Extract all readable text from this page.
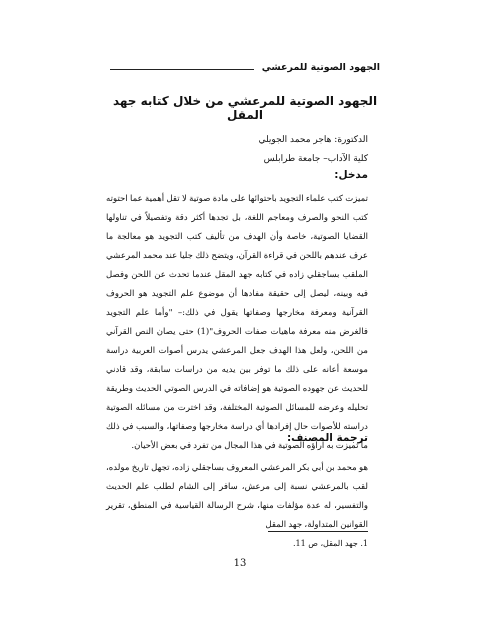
الجهود الصوتية للمرعشي
الجهود الصوتية للمرعشي من خلال كتابه جهد المقل
الدكتورة: هاجر محمد الجويلي
كلية الآداب– جامعة طرابلس
مدخل:
تميزت كتب علماء التجويد باحتوائها على مادة صوتية لا تقل أهمية عما احتوته كتب النحو والصرف ومعاجم اللغة، بل تجدها أكثر دقة وتفصيلاً في تناولها القضايا الصوتية، خاصة وأن الهدف من تأليف كتب التجويد هو معالجة ما عرف عندهم باللحن في قراءة القرآن، ويتضح ذلك جليا عند محمد المرعشي الملقب بساجقلي زاده في كتابه جهد المقل عندما تحدث عن اللحن وفصل فيه وبينه، ليصل إلى حقيقة مفادها أن موضوع علم التجويد هو الحروف القرآنية ومعرفة مخارجها وصفاتها يقول في ذلك:– "وأما علم التجويد فالغرض منه معرفة ماهيات صفات الحروف"(1) حتى يصان النص القرآني من اللحن، ولعل هذا الهدف جعل المرعشي يدرس أصوات العربية دراسة موسعة أعانه على ذلك ما توفر بين يديه من دراسات سابقة، وقد قادني للحديث عن جهوده الصوتية هو إضافاته في الدرس الصوتي الحديث وطريقة تحليله وعرضه للمسائل الصوتية المختلفة، وقد اخترت من مسائله الصوتية دراسته للأصوات حال إفرادها أي دراسة مخارجها وصفاتها، والسبب في ذلك ما تميزت به آراؤه الصوتية في هذا المجال من تفرد في بعض الأحيان.
ترجمة المصنف:
هو محمد بن أبي بكر المرعشي المعروف بساجقلي زاده، تجهل تاريخ مولده، لقب بالمرعشي نسبة إلى مرعش، سافر إلى الشام لطلب علم الحديث والتفسير، له عدة مؤلفات منها، شرح الرسالة القياسية في المنطق، تقرير القوانين المتداولة، جهد المقل
1. جهد المقل، ص 11.
13
